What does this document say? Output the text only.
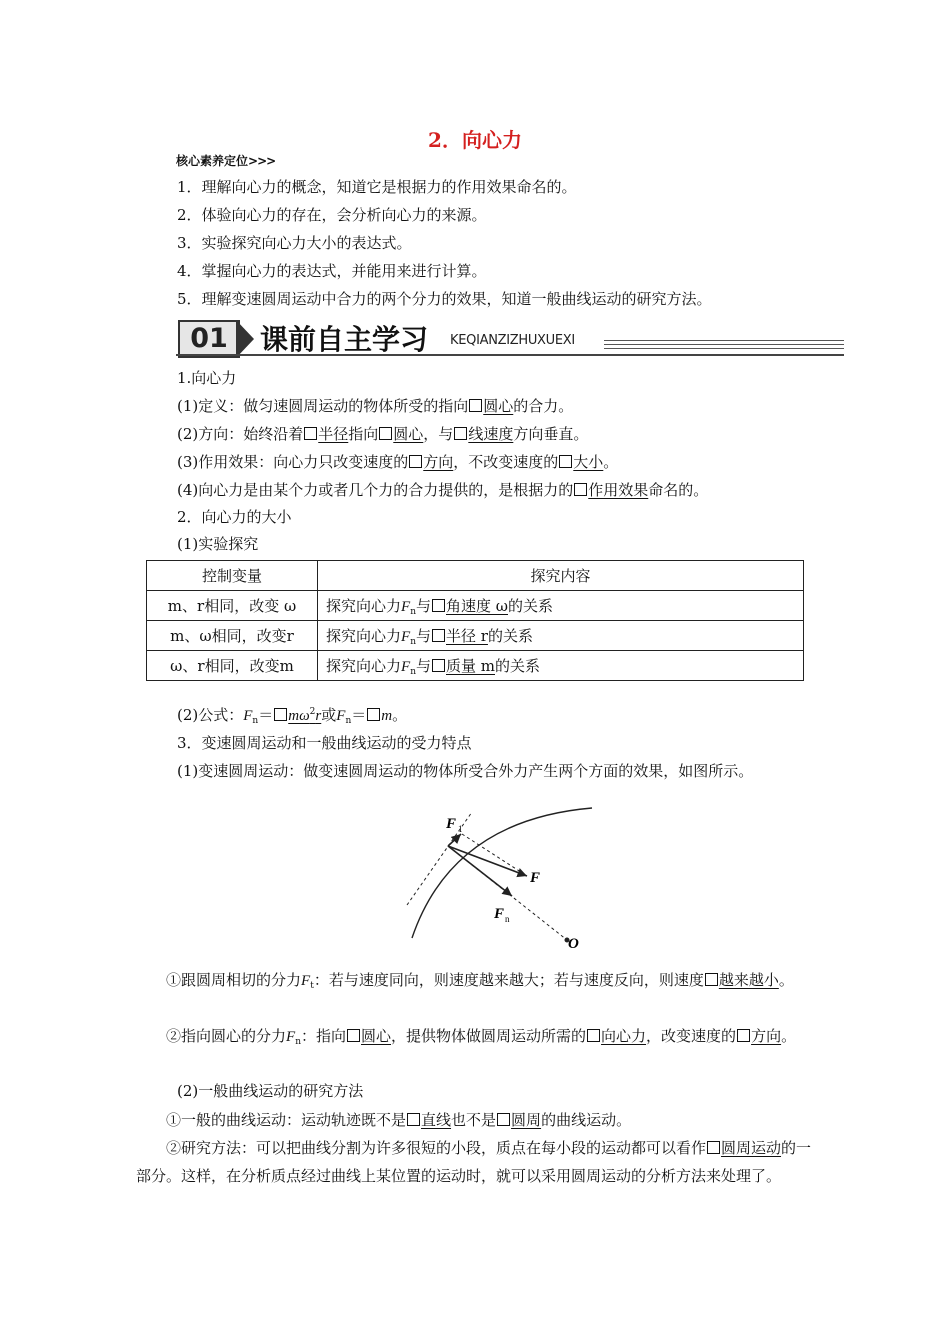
2．向心力
核心素养定位>>>
1．理解向心力的概念，知道它是根据力的作用效果命名的。
2．体验向心力的存在，会分析向心力的来源。
3．实验探究向心力大小的表达式。
4．掌握向心力的表达式，并能用来进行计算。
5．理解变速圆周运动中合力的两个分力的效果，知道一般曲线运动的研究方法。
01	课前自主学习 KEQIANZIZHUXUEXI
1.向心力
(1)定义：做匀速圆周运动的物体所受的指向 圆心的合力。
(2)方向：始终沿着 半径指向 圆心，与 线速度方向垂直。
(3)作用效果：向心力只改变速度的 方向，不改变速度的 大小。
(4)向心力是由某个力或者几个力的合力提供的，是根据力的 作用效果命名的。
2．向心力的大小
(1)实验探究
控制变量	探究内容
m、r相同，改变 ω	探究向心力$F_n$与 角速度 ω的关系
m、ω相同，改变r	探究向心力$F_n$与 半径 r的关系
ω、r相同，改变m	探究向心力$F_n$与 质量 m的关系
(2)公式：$F_n= m\omega^2r$或$F_n= m$。
3．变速圆周运动和一般曲线运动的受力特点
(1)变速圆周运动：做变速圆周运动的物体所受合外力产生两个方面的效果，如图所示。
F 1
F
F n
O
①跟圆周相切的分力$F_t$：若与速度同向，则速度越来越大；若与速度反向，则速度 越来越小。
②指向圆心的分力$F_n$：指向 圆心，提供物体做圆周运动所需的 向心力，改变速度的 方向。
(2)一般曲线运动的研究方法
①一般的曲线运动：运动轨迹既不是 直线也不是 圆周的曲线运动。
②研究方法：可以把曲线分割为许多很短的小段，质点在每小段的运动都可以看作 圆周运动的一部分。这样，在分析质点经过曲线上某位置的运动时，就可以采用圆周运动的分析方法来处理了。
